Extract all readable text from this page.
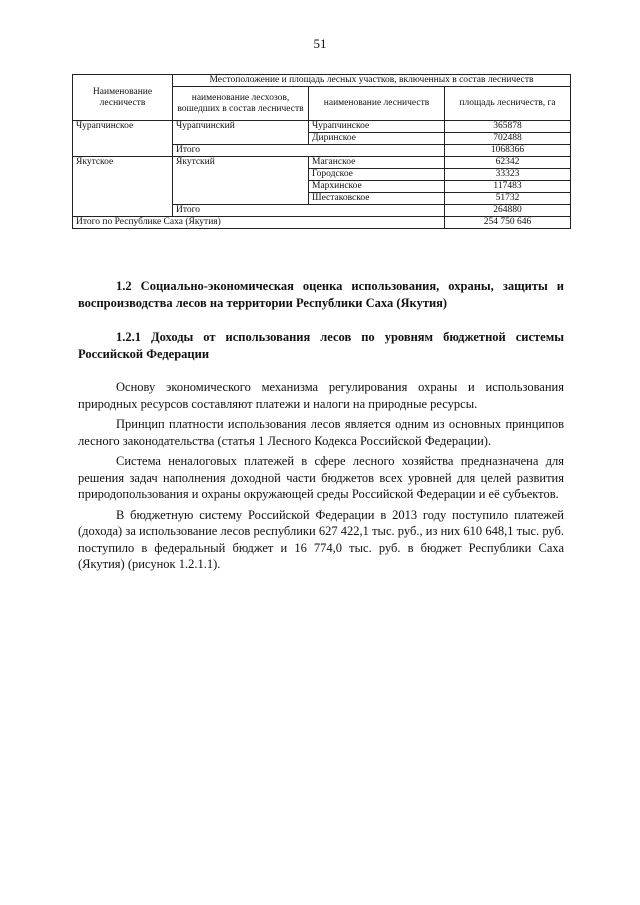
51
Наименование лесничеств	Местоположение и площадь лесных участков, включенных в состав лесничеств		
	наименование лесхозов, вошедших в состав лесничеств	наименование лесничеств	площадь лесничеств, га
Чурапчинское	Чурапчинский	Чурапчинское	365878
		Диринское	702488
	Итого		1068366
Якутское	Якутский	Маганское	62342
		Городское	33323
		Мархинское	117483
		Шестаковское	51732
	Итого		264880
Итого по Республике Саха (Якутия)			254 750 646

1.2 Социально-экономическая оценка использования, охраны, защиты и воспроизводства лесов на территории Республики Саха (Якутия)

1.2.1 Доходы от использования лесов по уровням бюджетной системы Российской Федерации

Основу экономического механизма регулирования охраны и использования природных ресурсов составляют платежи и налоги на природные ресурсы.

Принцип платности использования лесов является одним из основных принципов лесного законодательства (статья 1 Лесного Кодекса Российской Федерации).

Система неналоговых платежей в сфере лесного хозяйства предназначена для решения задач наполнения доходной части бюджетов всех уровней для целей развития природопользования и охраны окружающей среды Российской Федерации и её субъектов.

В бюджетную систему Российской Федерации в 2013 году поступило платежей (дохода) за использование лесов республики 627 422,1 тыс. руб., из них 610 648,1 тыс. руб. поступило в федеральный бюджет и 16 774,0 тыс. руб. в бюджет Республики Саха (Якутия) (рисунок 1.2.1.1).
